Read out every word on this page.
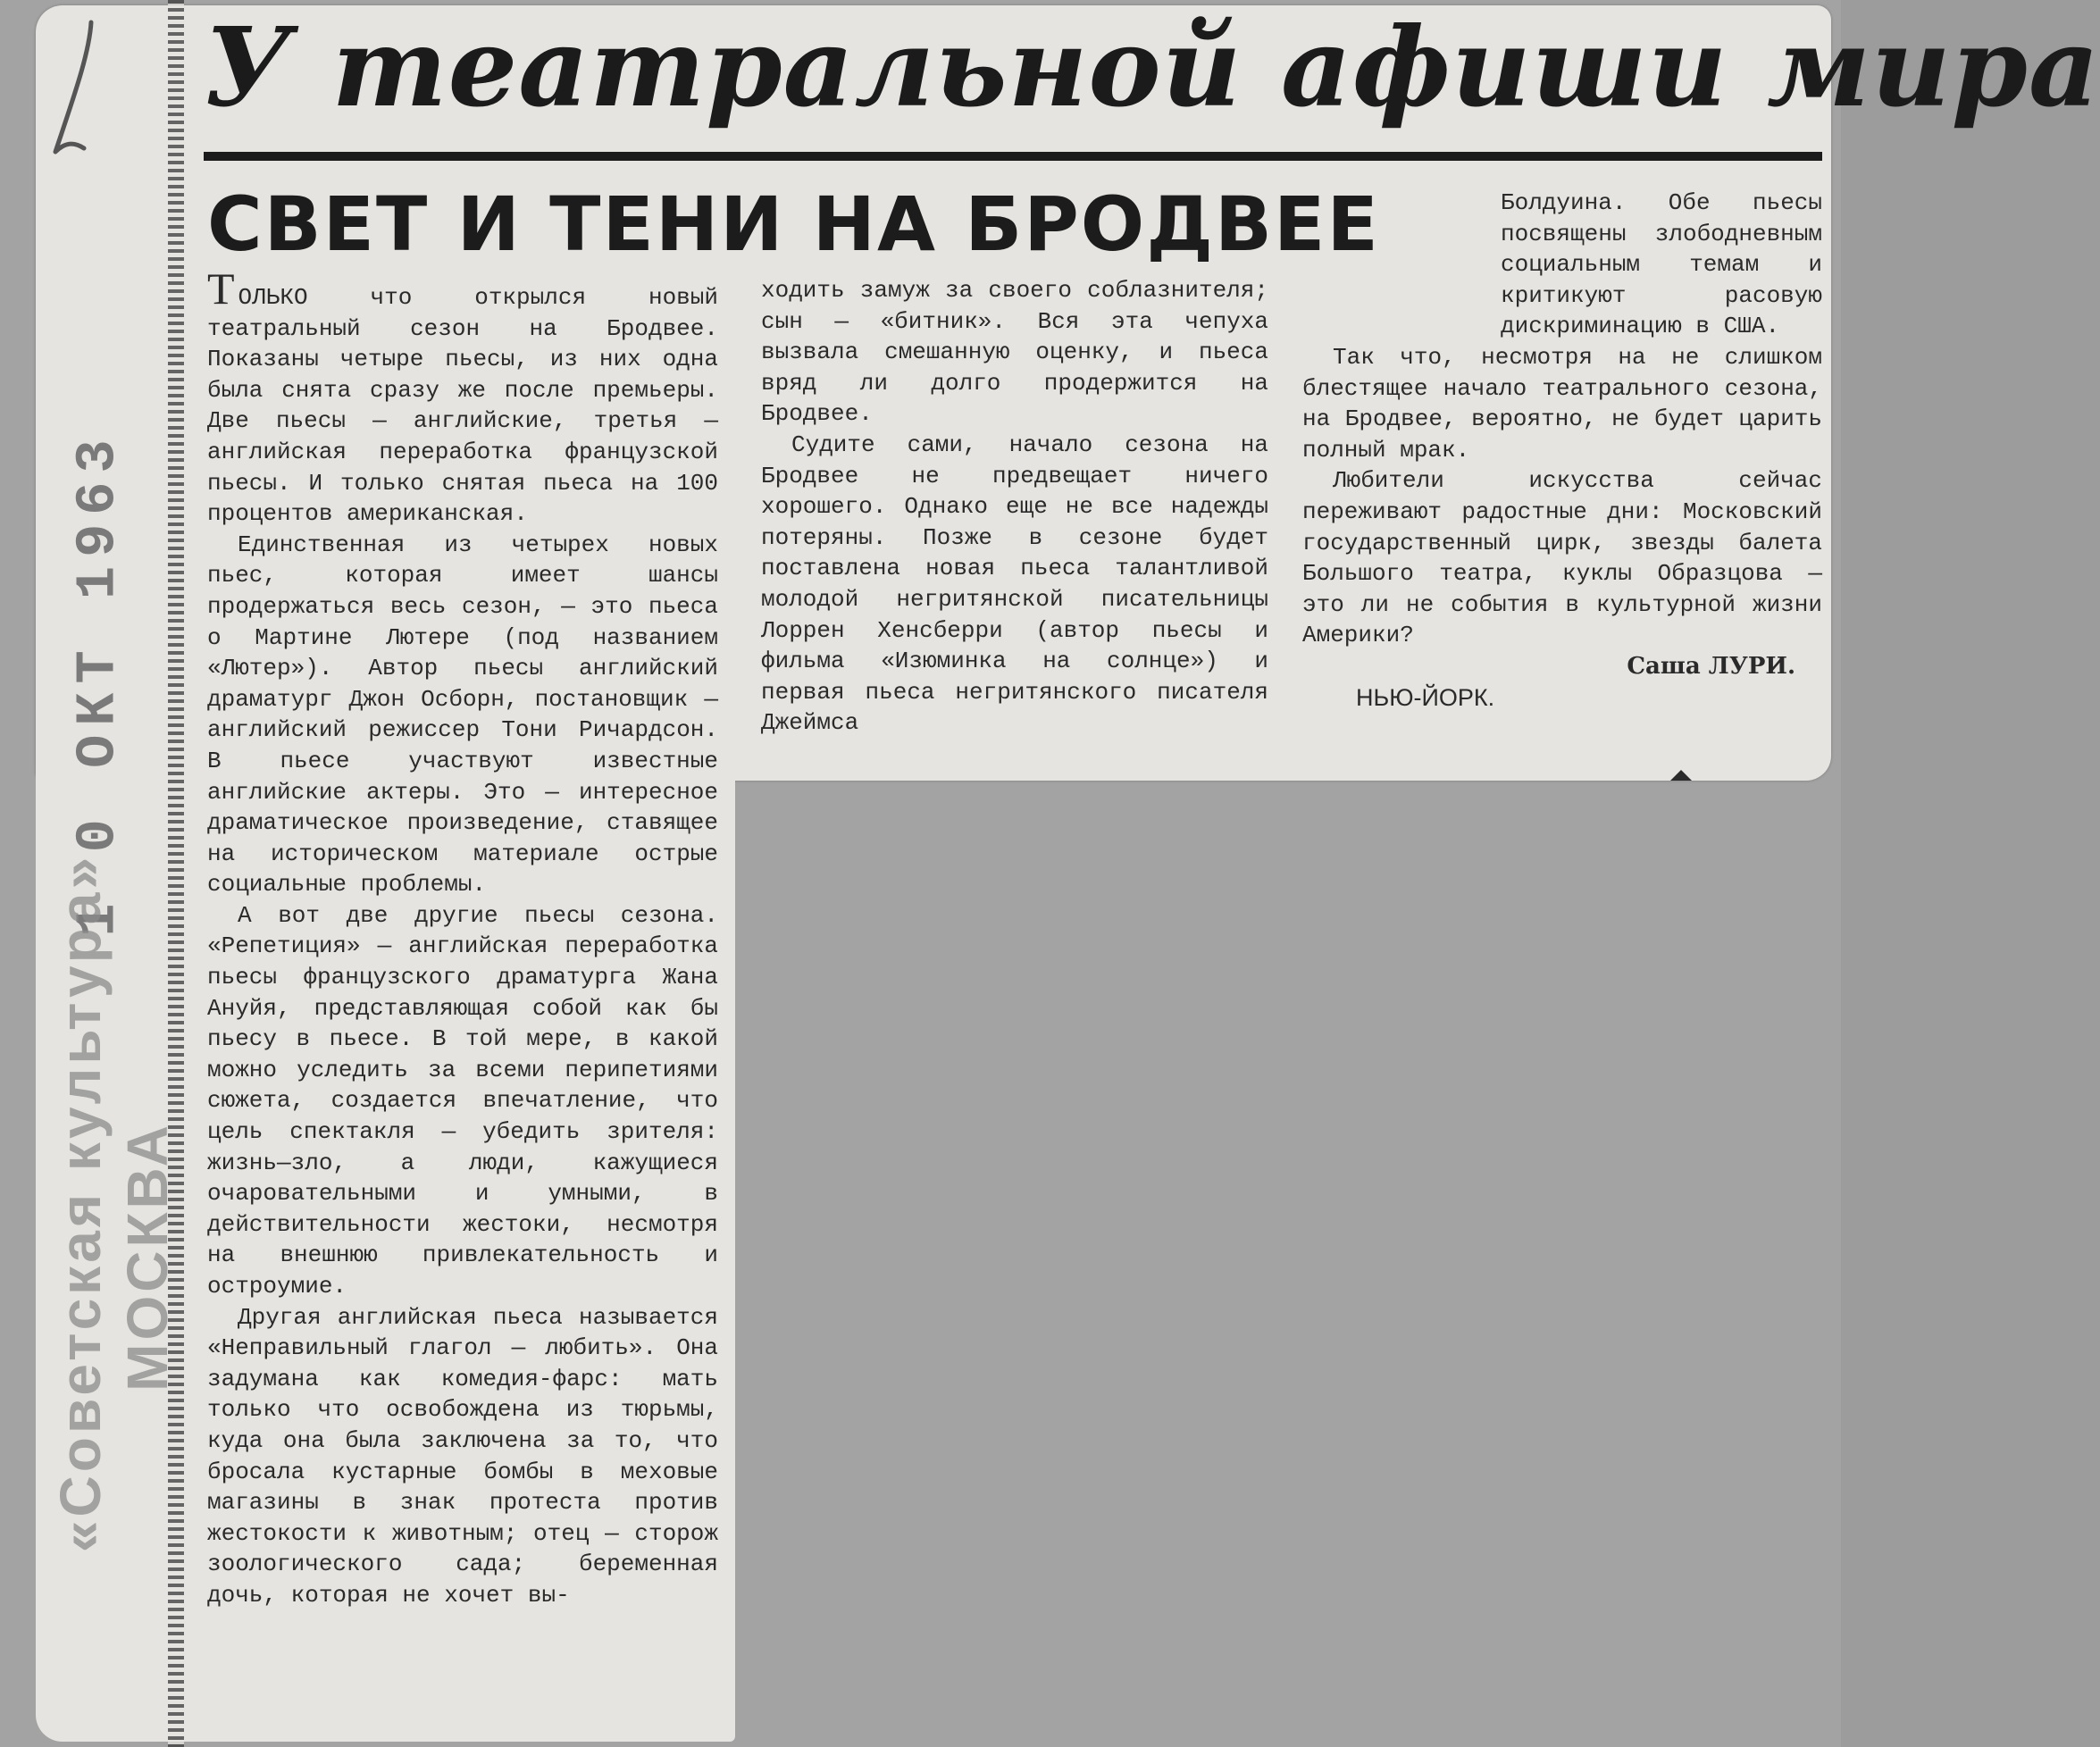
1 0 ОКТ 1963
«Советская культура» МОСКВА
У театральной афиши мира
СВЕТ И ТЕНИ НА БРОДВЕЕ

ТОЛЬКО что открылся новый театральный сезон на Бродвее. Показаны четыре пьесы, из них одна была снята сразу же после премьеры. Две пьесы — английские, третья — английская переработка французской пьесы. И только снятая пьеса на 100 процентов американская.

Единственная из четырех новых пьес, которая имеет шансы продержаться весь сезон, — это пьеса о Мартине Лютере (под названием «Лютер»). Автор пьесы английский драматург Джон Осборн, постановщик — английский режиссер Тони Ричардсон. В пьесе участвуют известные английские актеры. Это — интересное драматическое произведение, ставящее на историческом материале острые социальные проблемы.

А вот две другие пьесы сезона. «Репетиция» — английская переработка пьесы французского драматурга Жана Ануйя, представляющая собой как бы пьесу в пьесе. В той мере, в какой можно уследить за всеми перипетиями сюжета, создается впечатление, что цель спектакля — убедить зрителя: жизнь—зло, а люди, кажущиеся очаровательными и умными, в действительности жестоки, несмотря на внешнюю привлекательность и остроумие.

Другая английская пьеса называется «Неправильный глагол — любить». Она задумана как комедия-фарс: мать только что освобождена из тюрьмы, куда она была заключена за то, что бросала кустарные бомбы в меховые магазины в знак протеста против жестокости к животным; отец — сторож зоологического сада; беременная дочь, которая не хочет вы-

ходить замуж за своего соблазнителя; сын — «битник». Вся эта чепуха вызвала смешанную оценку, и пьеса вряд ли долго продержится на Бродвее.

Судите сами, начало сезона на Бродвее не предвещает ничего хорошего. Однако еще не все надежды потеряны. Позже в сезоне будет поставлена новая пьеса талантливой молодой негритянской писательницы Лоррен Хенсберри (автор пьесы и фильма «Изюминка на солнце») и первая пьеса негритянского писателя Джеймса

Болдуина. Обе пьесы посвящены злободневным социальным темам и критикуют расовую дискриминацию в США.

Так что, несмотря на не слишком блестящее начало театрального сезона, на Бродвее, вероятно, не будет царить полный мрак.

Любители искусства сейчас переживают радостные дни: Московский государственный цирк, звезды балета Большого театра, куклы Образцова — это ли не события в культурной жизни Америки?

Саша ЛУРИ.

НЬЮ-ЙОРК.
